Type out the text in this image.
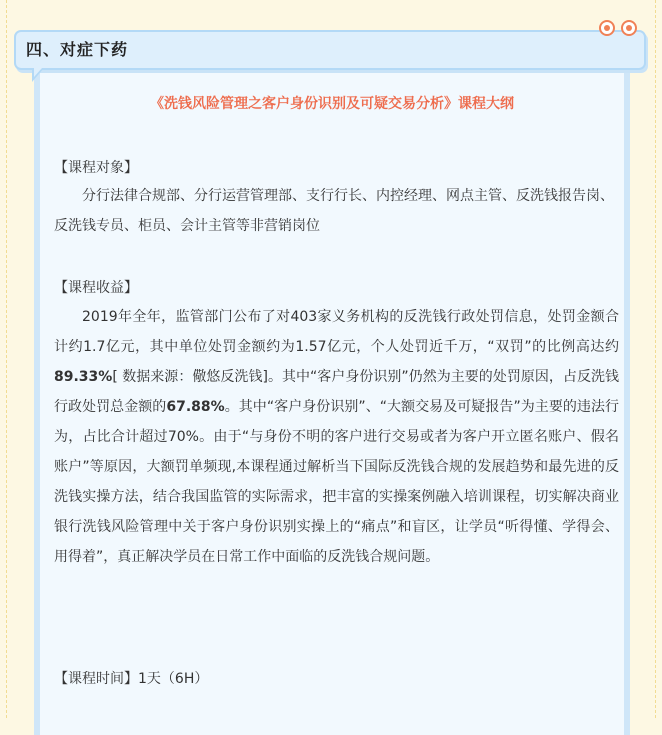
四、对症下药
《洗钱风险管理之客户身份识别及可疑交易分析》课程大纲
【课程对象】
分行法律合规部、分行运营管理部、支行行长、内控经理、网点主管、反洗钱报告岗、反洗钱专员、柜员、会计主管等非营销岗位
【课程收益】
2019年全年，监管部门公布了对403家义务机构的反洗钱行政处罚信息，处罚金额合计约1.7亿元，其中单位处罚金额约为1.57亿元，个人处罚近千万，“双罚”的比例高达约89.33%[ 数据来源：儆悠反洗钱]。其中“客户身份识别”仍然为主要的处罚原因，占反洗钱行政处罚总金额的67.88%。其中“客户身份识别”、“大额交易及可疑报告”为主要的违法行为，占比合计超过70%。由于“与身份不明的客户进行交易或者为客户开立匿名账户、假名账户”等原因，大额罚单频现,本课程通过解析当下国际反洗钱合规的发展趋势和最先进的反洗钱实操方法，结合我国监管的实际需求，把丰富的实操案例融入培训课程，切实解决商业银行洗钱风险管理中关于客户身份识别实操上的“痛点”和盲区，让学员“听得懂、学得会、用得着”，真正解决学员在日常工作中面临的反洗钱合规问题。
【课程时间】1天（6H）
